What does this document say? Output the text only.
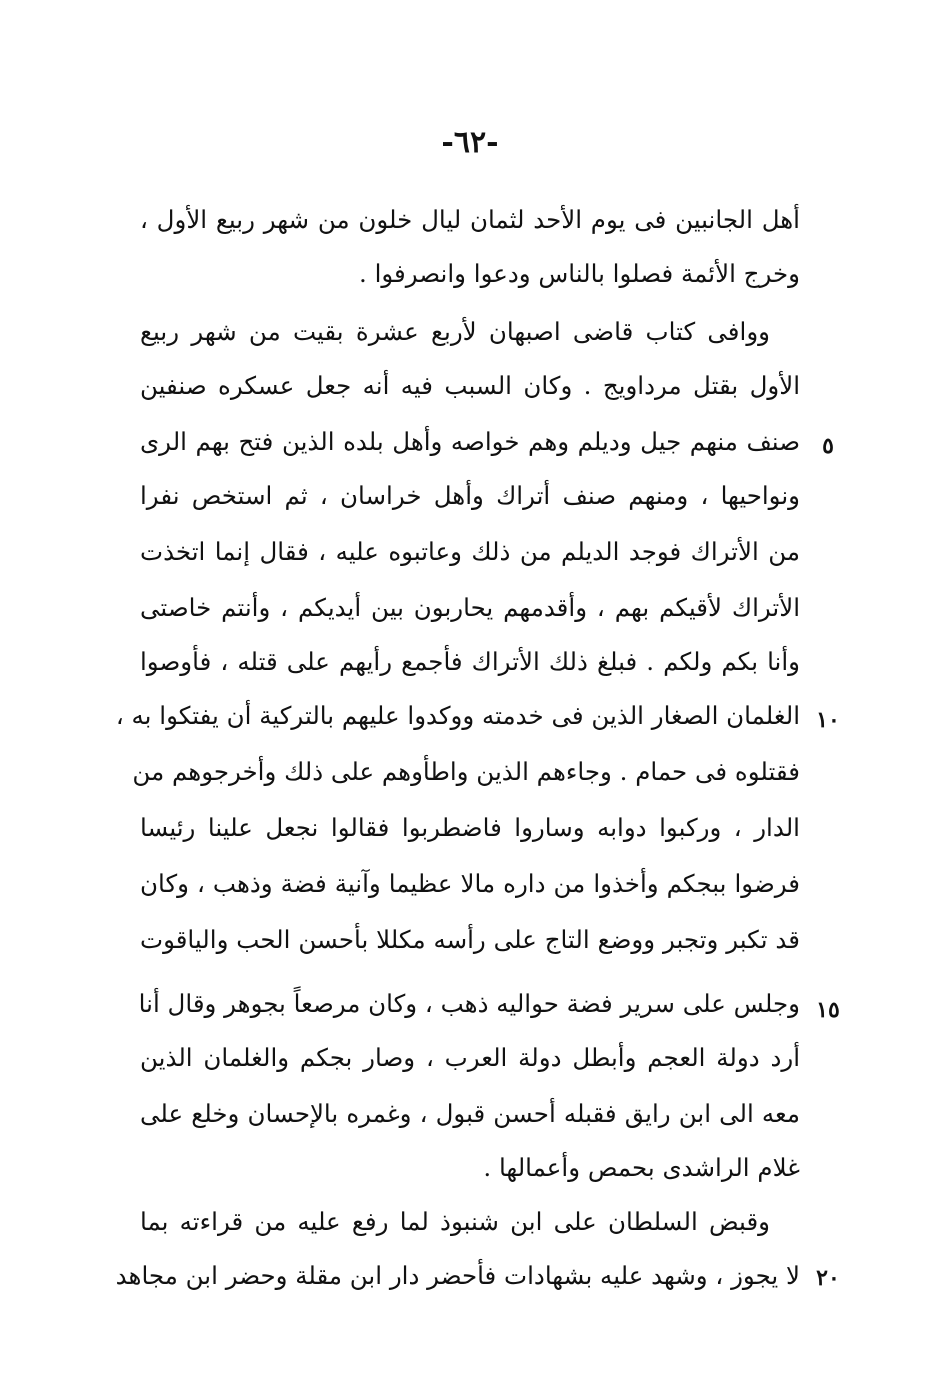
-٦٢-
٥
١٠
١٥
٢٠
أهل الجانبين فى يوم الأحد لثمان ليال خلون من شهر ربيع الأول ،
وخرج الأئمة فصلوا بالناس ودعوا وانصرفوا .
ووافى كتاب قاضى اصبهان لأربع عشرة بقيت من شهر ربيع
الأول بقتل مرداويج . وكان السبب فيه أنه جعل عسكره صنفين
صنف منهم جيل وديلم وهم خواصه وأهل بلده الذين فتح بهم الرى
ونواحيها ، ومنهم صنف أتراك وأهل خراسان ، ثم استخص نفرا
من الأتراك فوجد الديلم من ذلك وعاتبوه عليه ، فقال إنما اتخذت
الأتراك لأقيكم بهم ، وأقدمهم يحاربون بين أيديكم ، وأنتم خاصتى
وأنا بكم ولكم . فبلغ ذلك الأتراك فأجمع رأيهم على قتله ، فأوصوا
الغلمان الصغار الذين فى خدمته ووكدوا عليهم بالتركية أن يفتكوا به ،
فقتلوه فى حمام . وجاءهم الذين واطأوهم على ذلك وأخرجوهم من
الدار ، وركبوا دوابه وساروا فاضطربوا فقالوا نجعل علينا رئيسا
فرضوا ببجكم وأخذوا من داره مالا عظيما وآنية فضة وذهب ، وكان
قد تكبر وتجبر ووضع التاج على رأسه مكللا بأحسن الحب والياقوت
وجلس على سرير فضة حواليه ذهب ، وكان مرصعاً بجوهر وقال أنا
أرد دولة العجم وأبطل دولة العرب ، وصار بجكم والغلمان الذين
معه الى ابن رايق فقبله أحسن قبول ، وغمره بالإحسان وخلع على
غلام الراشدى بحمص وأعمالها .
وقبض السلطان على ابن شنبوذ لما رفع عليه من قراءته بما
لا يجوز ، وشهد عليه بشهادات فأحضر دار ابن مقلة وحضر ابن مجاهد
